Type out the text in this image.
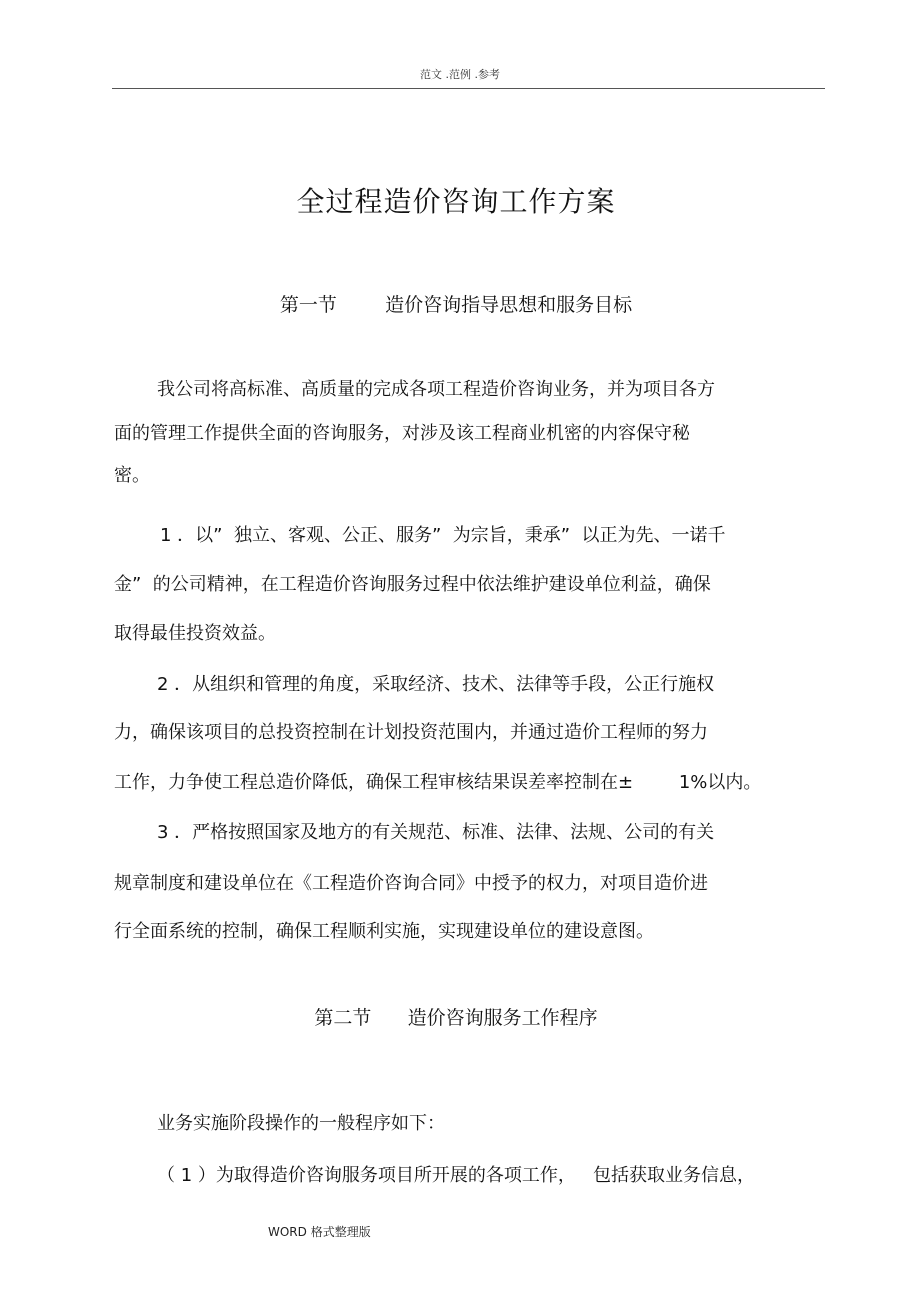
范文 .范例 .参考
全过程造价咨询工作方案
第一节        造价咨询指导思想和服务目标
我公司将高标准、高质量的完成各项工程造价咨询业务，并为项目各方
面的管理工作提供全面的咨询服务，对涉及该工程商业机密的内容保守秘
密。
1 ．以”  独立、客观、公正、服务”  为宗旨，秉承”  以正为先、一诺千
金”  的公司精神，在工程造价咨询服务过程中依法维护建设单位利益，确保
取得最佳投资效益。
2 ．从组织和管理的角度，采取经济、技术、法律等手段，公正行施权
力，确保该项目的总投资控制在计划投资范围内，并通过造价工程师的努力
工作，力争使工程总造价降低，确保工程审核结果误差率控制在±        1%以内。
3 ．严格按照国家及地方的有关规范、标准、法律、法规、公司的有关
规章制度和建设单位在《工程造价咨询合同》中授予的权力，对项目造价进
行全面系统的控制，确保工程顺利实施，实现建设单位的建设意图。
第二节      造价咨询服务工作程序
业务实施阶段操作的一般程序如下：
（ 1 ）为取得造价咨询服务项目所开展的各项工作，   包括获取业务信息，
WORD 格式整理版
